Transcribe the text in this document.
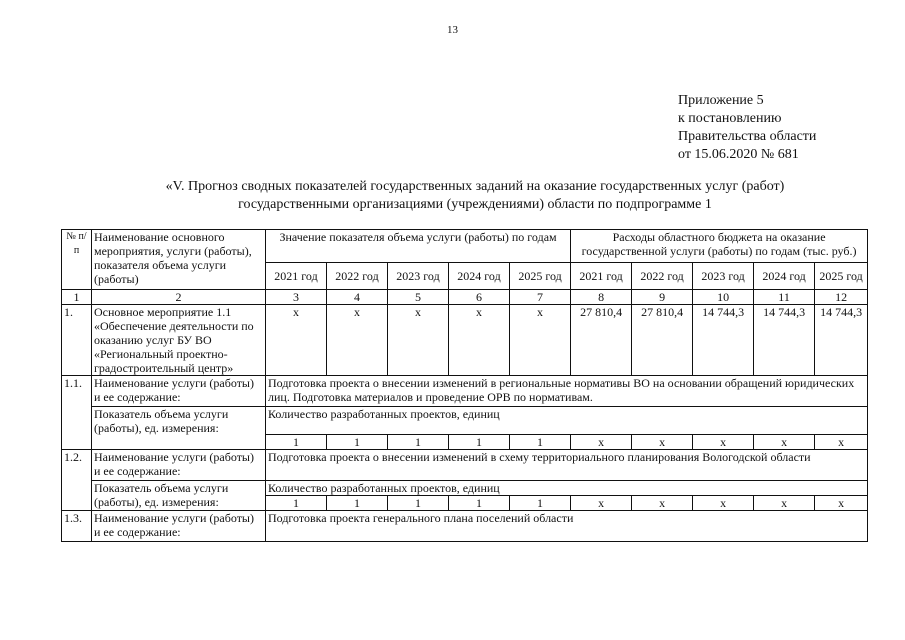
13
Приложение 5
к постановлению
Правительства области
от 15.06.2020 № 681
«V. Прогноз сводных показателей государственных заданий на оказание государственных услуг (работ)
государственными организациями (учреждениями) области по подпрограмме 1
№ п/п	Наименование основного мероприятия, услуги (работы), показателя объема услуги (работы)	Значение показателя объема услуги (работы) по годам					Расходы областного бюджета на оказание государственной услуги (работы) по годам (тыс. руб.)				
		2021 год	2022 год	2023 год	2024 год	2025 год	2021 год	2022 год	2023 год	2024 год	2025 год
1	2	3	4	5	6	7	8	9	10	11	12
1.	Основное мероприятие 1.1 «Обеспечение деятельности по оказанию услуг БУ ВО «Региональный проектно-градостроительный центр»	x	x	x	x	x	27 810,4	27 810,4	14 744,3	14 744,3	14 744,3
1.1.	Наименование услуги (работы) и ее содержание:	Подготовка проекта о внесении изменений в региональные нормативы ВО на основании обращений юридических лиц. Подготовка материалов и проведение ОРВ по нормативам.									
	Показатель объема услуги (работы), ед. измерения:	Количество разработанных проектов, единиц									
		1	1	1	1	1	x	x	x	x	x
1.2.	Наименование услуги (работы) и ее содержание:	Подготовка проекта о внесении изменений в схему территориального планирования Вологодской области									
	Показатель объема услуги (работы), ед. измерения:	Количество разработанных проектов, единиц									
		1	1	1	1	1	x	x	x	x	x
1.3.	Наименование услуги (работы) и ее содержание:	Подготовка проекта генерального плана поселений области									
